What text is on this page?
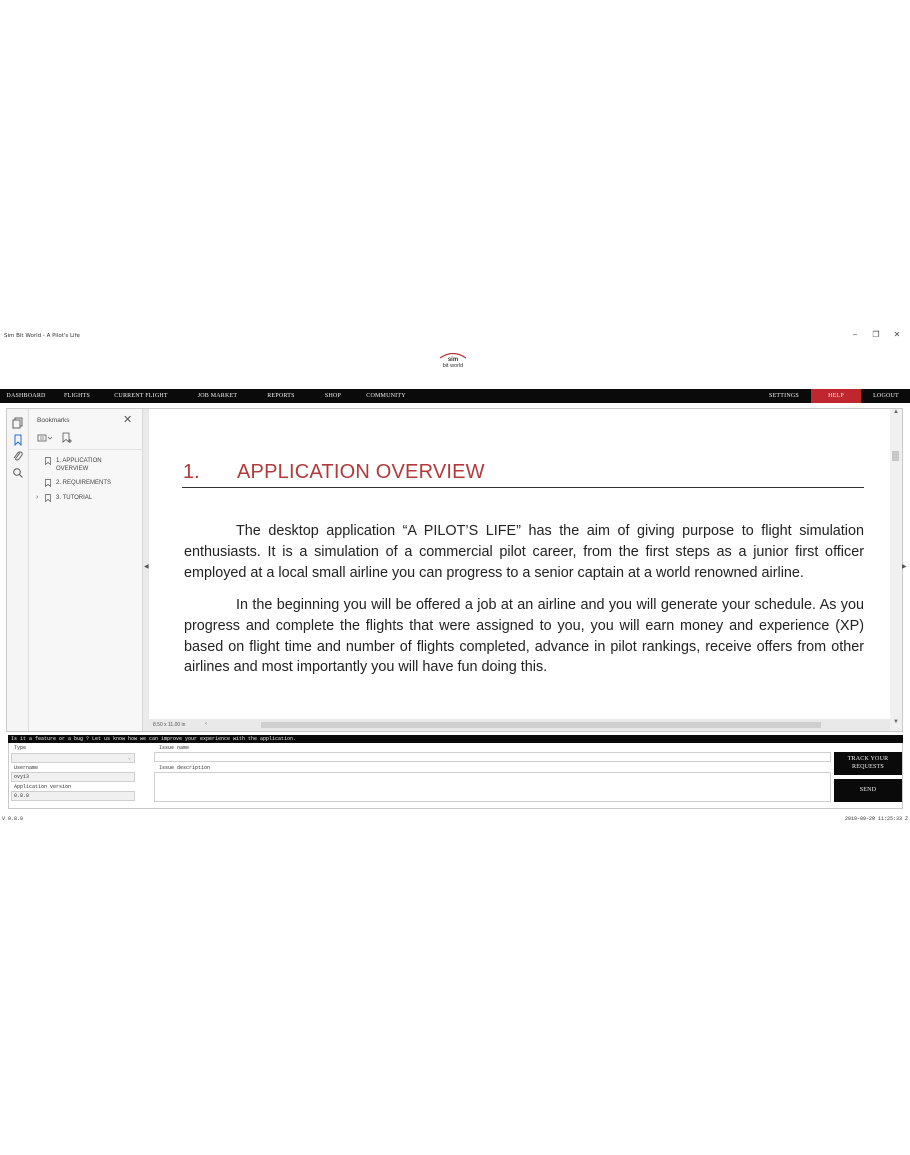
Sim Bit World - A Pilot's Life	–	❐	✕
sim
bit world
DASHBOARD	FLIGHTS	CURRENT FLIGHT	JOB MARKET	REPORTS	SHOP	COMMUNITY	SETTINGS	HELP	LOGOUT
Bookmarks	✕
1. APPLICATION
OVERVIEW
2. REQUIREMENTS
›	3. TUTORIAL
◀
1. APPLICATION OVERVIEW

The desktop application “A PILOT’S LIFE” has the aim of giving purpose to flight simulation enthusiasts. It is a simulation of a commercial pilot career, from the first steps as a junior first officer employed at a local small airline you can progress to a senior captain at a world renowned airline.

In the beginning you will be offered a job at an airline and you will generate your schedule. As you progress and complete the flights that were assigned to you, you will earn money and experience (XP) based on flight time and number of flights completed, advance in pilot rankings, receive offers from other airlines and most importantly you will have fun doing this.

▲
▼
▶
8.50 x 11.00 in	‹
Is it a feature or a bug ? Let us know how we can improve your experience with the application.
Type
⌄
Username
ovy13
Application version
0.8.0
Issue name
Issue description
TRACK YOUR
REQUESTS
SEND
V 0.8.0	2019-09-28 11:25:33 Z
